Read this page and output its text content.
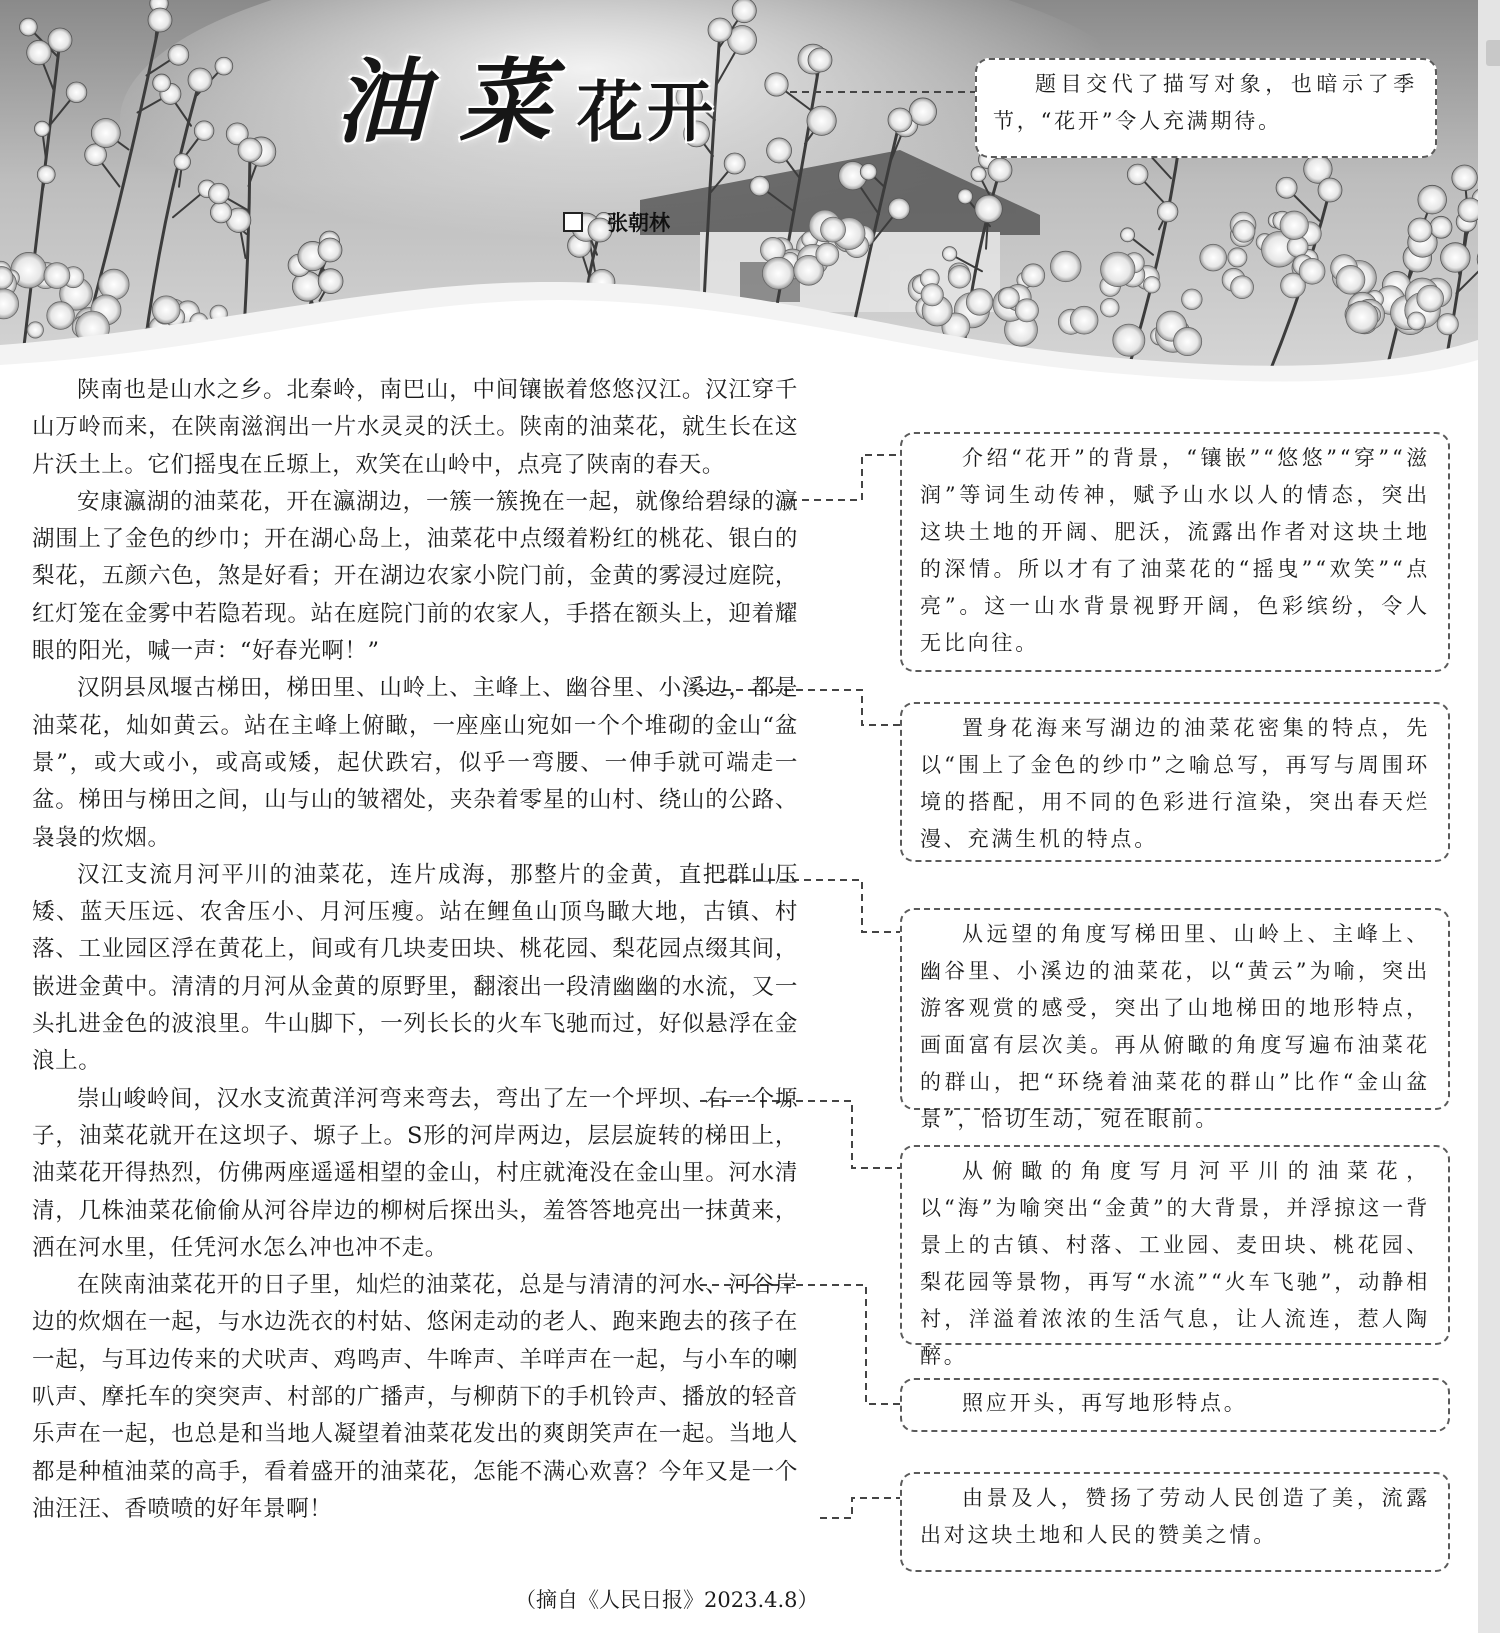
油 菜 花开
张朝林

陕南也是山水之乡。北秦岭，南巴山，中间镶嵌着悠悠汉江。汉江穿千山万岭而来，在陕南滋润出一片水灵灵的沃土。陕南的油菜花，就生长在这片沃土上。它们摇曳在丘塬上，欢笑在山岭中，点亮了陕南的春天。

安康瀛湖的油菜花，开在瀛湖边，一簇一簇挽在一起，就像给碧绿的瀛湖围上了金色的纱巾；开在湖心岛上，油菜花中点缀着粉红的桃花、银白的梨花，五颜六色，煞是好看；开在湖边农家小院门前，金黄的雾浸过庭院，红灯笼在金雾中若隐若现。站在庭院门前的农家人，手搭在额头上，迎着耀眼的阳光，喊一声：“好春光啊！”

汉阴县凤堰古梯田，梯田里、山岭上、主峰上、幽谷里、小溪边，都是油菜花，灿如黄云。站在主峰上俯瞰，一座座山宛如一个个堆砌的金山“盆景”，或大或小，或高或矮，起伏跌宕，似乎一弯腰、一伸手就可端走一盆。梯田与梯田之间，山与山的皱褶处，夹杂着零星的山村、绕山的公路、袅袅的炊烟。

汉江支流月河平川的油菜花，连片成海，那整片的金黄，直把群山压矮、蓝天压远、农舍压小、月河压瘦。站在鲤鱼山顶鸟瞰大地，古镇、村落、工业园区浮在黄花上，间或有几块麦田块、桃花园、梨花园点缀其间，嵌进金黄中。清清的月河从金黄的原野里，翻滚出一段清幽幽的水流，又一头扎进金色的波浪里。牛山脚下，一列长长的火车飞驰而过，好似悬浮在金浪上。

崇山峻岭间，汉水支流黄洋河弯来弯去，弯出了左一个坪坝、右一个塬子，油菜花就开在这坝子、塬子上。S形的河岸两边，层层旋转的梯田上，油菜花开得热烈，仿佛两座遥遥相望的金山，村庄就淹没在金山里。河水清清，几株油菜花偷偷从河谷岸边的柳树后探出头，羞答答地亮出一抹黄来，洒在河水里，任凭河水怎么冲也冲不走。

在陕南油菜花开的日子里，灿烂的油菜花，总是与清清的河水、河谷岸边的炊烟在一起，与水边洗衣的村姑、悠闲走动的老人、跑来跑去的孩子在一起，与耳边传来的犬吠声、鸡鸣声、牛哞声、羊咩声在一起，与小车的喇叭声、摩托车的突突声、村部的广播声，与柳荫下的手机铃声、播放的轻音乐声在一起，也总是和当地人凝望着油菜花发出的爽朗笑声在一起。当地人都是种植油菜的高手，看着盛开的油菜花，怎能不满心欢喜？今年又是一个油汪汪、香喷喷的好年景啊！

（摘自《人民日报》2023.4.8）

题目交代了描写对象，也暗示了季节，“花开”令人充满期待。

介绍“花开”的背景，“镶嵌”“悠悠”“穿”“滋润”等词生动传神，赋予山水以人的情态，突出这块土地的开阔、肥沃，流露出作者对这块土地的深情。所以才有了油菜花的“摇曳”“欢笑”“点亮”。这一山水背景视野开阔，色彩缤纷，令人无比向往。

置身花海来写湖边的油菜花密集的特点，先以“围上了金色的纱巾”之喻总写，再写与周围环境的搭配，用不同的色彩进行渲染，突出春天烂漫、充满生机的特点。

从远望的角度写梯田里、山岭上、主峰上、幽谷里、小溪边的油菜花，以“黄云”为喻，突出游客观赏的感受，突出了山地梯田的地形特点，画面富有层次美。再从俯瞰的角度写遍布油菜花的群山，把“环绕着油菜花的群山”比作“金山盆景”，恰切生动，宛在眼前。

从俯瞰的角度写月河平川的油菜花，以“海”为喻突出“金黄”的大背景，并浮掠这一背景上的古镇、村落、工业园、麦田块、桃花园、梨花园等景物，再写“水流”“火车飞驰”，动静相衬，洋溢着浓浓的生活气息，让人流连，惹人陶醉。

照应开头，再写地形特点。

由景及人，赞扬了劳动人民创造了美，流露出对这块土地和人民的赞美之情。
